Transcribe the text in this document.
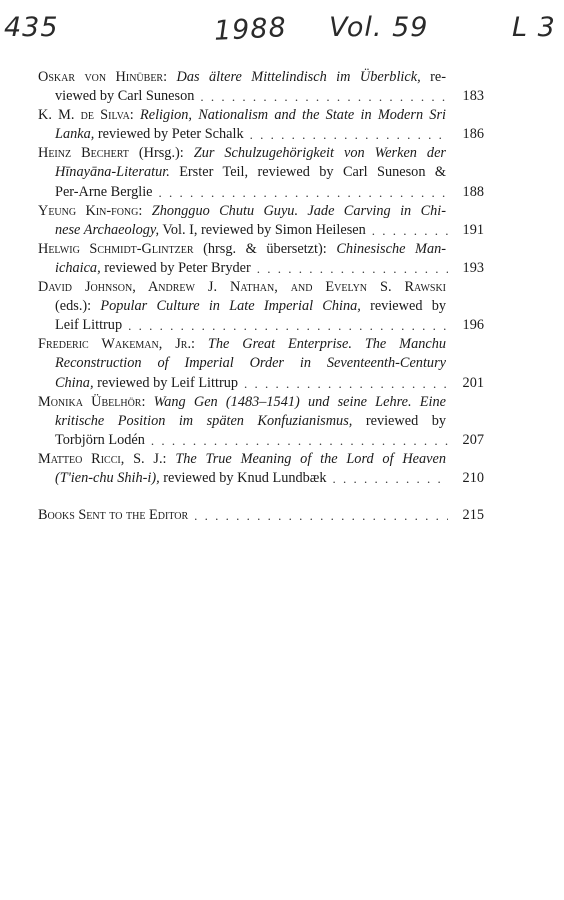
435	1988 Vol. 59	L 3
Oskar von Hinüber: Das ältere Mittelindisch im Überblick, re-
viewed by Carl Suneson . . .	183
K. M. de Silva: Religion, Nationalism and the State in Modern Sri
Lanka, reviewed by Peter Schalk . . .	186
Heinz Bechert (Hrsg.): Zur Schulzugehörigkeit von Werken der
Hīnayāna-Literatur. Erster Teil, reviewed by Carl Suneson &
Per-Arne Berglie . . .	188
Yeung Kin-fong: Zhongguo Chutu Guyu. Jade Carving in Chi-
nese Archaeology, Vol. I, reviewed by Simon Heilesen . . .	191
Helwig Schmidt-Glintzer (hrsg. & übersetzt): Chinesische Man-
ichaica, reviewed by Peter Bryder . . .	193
David Johnson, Andrew J. Nathan, and Evelyn S. Rawski
(eds.): Popular Culture in Late Imperial China, reviewed by
Leif Littrup . . .	196
Frederic Wakeman, Jr.: The Great Enterprise. The Manchu
Reconstruction of Imperial Order in Seventeenth-Century
China, reviewed by Leif Littrup . . .	201
Monika Übelhör: Wang Gen (1483–1541) und seine Lehre. Eine
kritische Position im späten Konfuzianismus, reviewed by
Torbjörn Lodén . . .	207
Matteo Ricci, S. J.: The True Meaning of the Lord of Heaven
(T'ien-chu Shih-i), reviewed by Knud Lundbæk . . .	210
Books Sent to the Editor . . .	215
